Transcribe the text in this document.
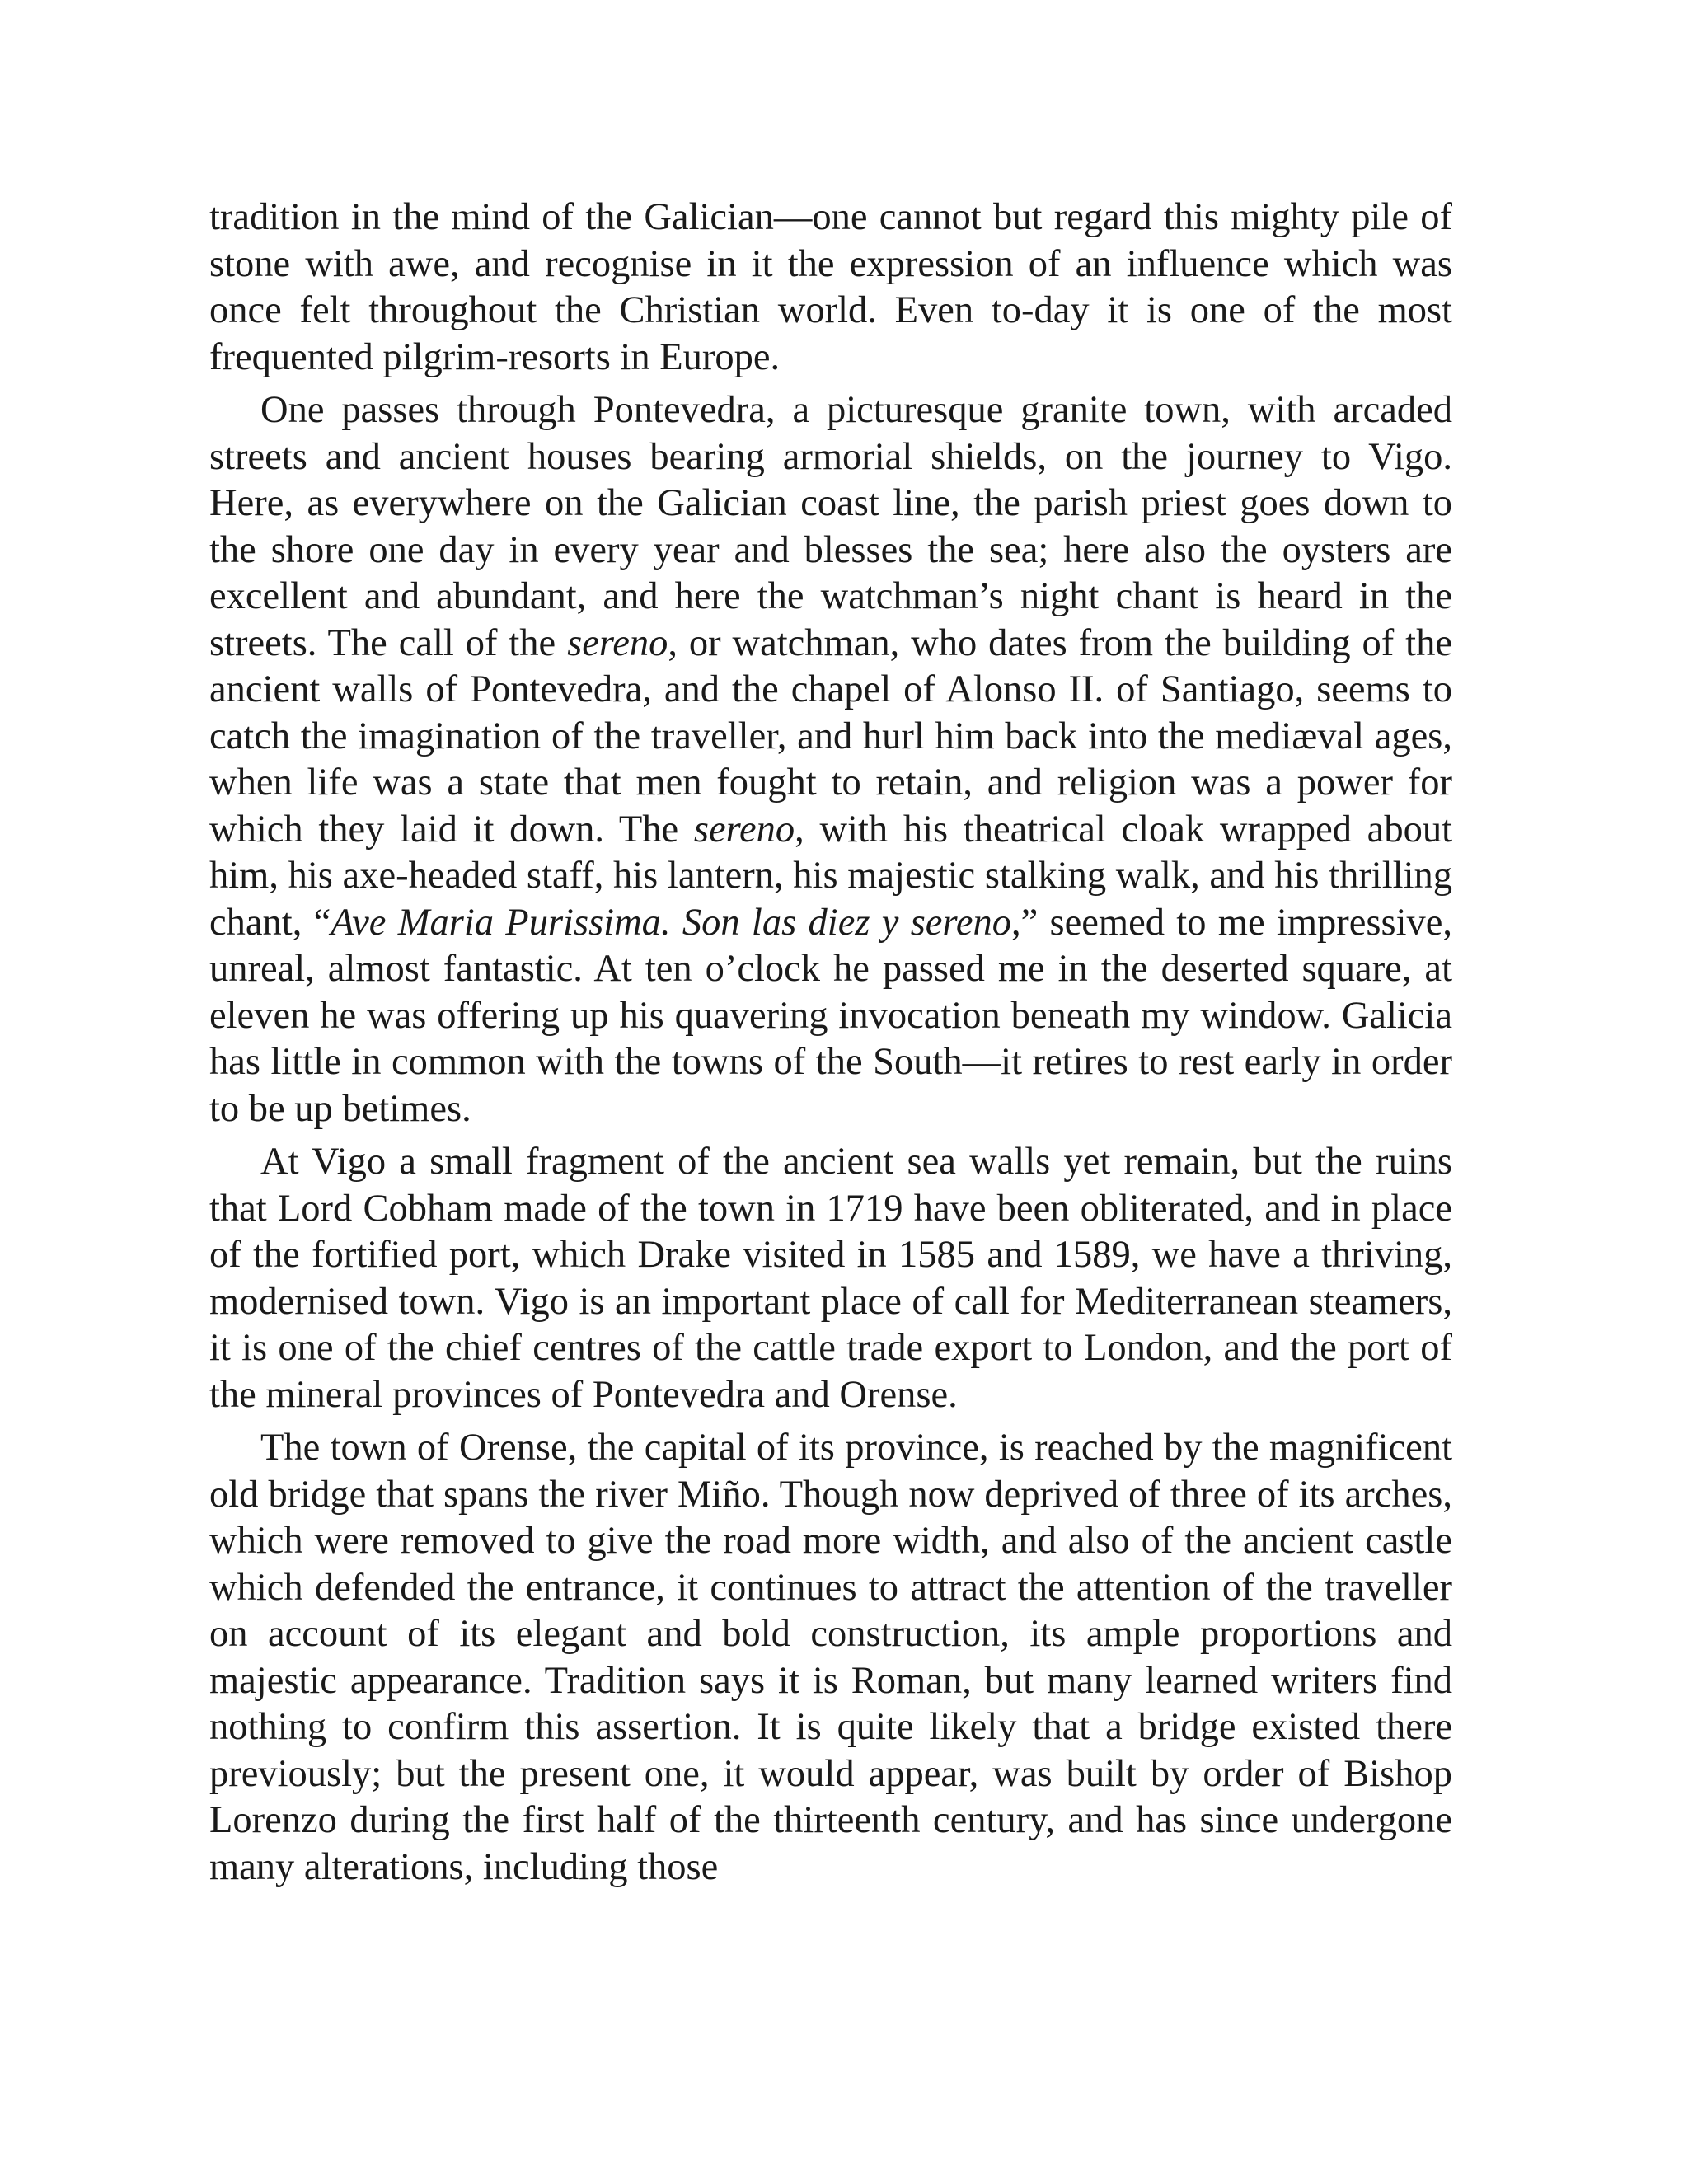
tradition in the mind of the Galician—one cannot but regard this mighty pile of stone with awe, and recognise in it the expression of an influence which was once felt throughout the Christian world. Even to-day it is one of the most frequented pilgrim-resorts in Europe.

One passes through Pontevedra, a picturesque granite town, with arcaded streets and ancient houses bearing armorial shields, on the journey to Vigo. Here, as everywhere on the Galician coast line, the parish priest goes down to the shore one day in every year and blesses the sea; here also the oysters are excellent and abundant, and here the watchman’s night chant is heard in the streets. The call of the sereno, or watchman, who dates from the building of the ancient walls of Pontevedra, and the chapel of Alonso II. of Santiago, seems to catch the imagination of the traveller, and hurl him back into the mediæval ages, when life was a state that men fought to retain, and religion was a power for which they laid it down. The sereno, with his theatrical cloak wrapped about him, his axe-headed staff, his lantern, his majestic stalking walk, and his thrilling chant, “Ave Maria Purissima. Son las diez y sereno,” seemed to me impressive, unreal, almost fantastic. At ten o’clock he passed me in the deserted square, at eleven he was offering up his quavering invocation beneath my window. Galicia has little in common with the towns of the South—it retires to rest early in order to be up betimes.

At Vigo a small fragment of the ancient sea walls yet remain, but the ruins that Lord Cobham made of the town in 1719 have been obliterated, and in place of the fortified port, which Drake visited in 1585 and 1589, we have a thriving, modernised town. Vigo is an important place of call for Mediterranean steamers, it is one of the chief centres of the cattle trade export to London, and the port of the mineral provinces of Pontevedra and Orense.

The town of Orense, the capital of its province, is reached by the magnificent old bridge that spans the river Miño. Though now deprived of three of its arches, which were removed to give the road more width, and also of the ancient castle which defended the entrance, it continues to attract the attention of the traveller on account of its elegant and bold construction, its ample proportions and majestic appearance. Tradition says it is Roman, but many learned writers find nothing to confirm this assertion. It is quite likely that a bridge existed there previously; but the present one, it would appear, was built by order of Bishop Lorenzo during the first half of the thirteenth century, and has since undergone many alterations, including those
